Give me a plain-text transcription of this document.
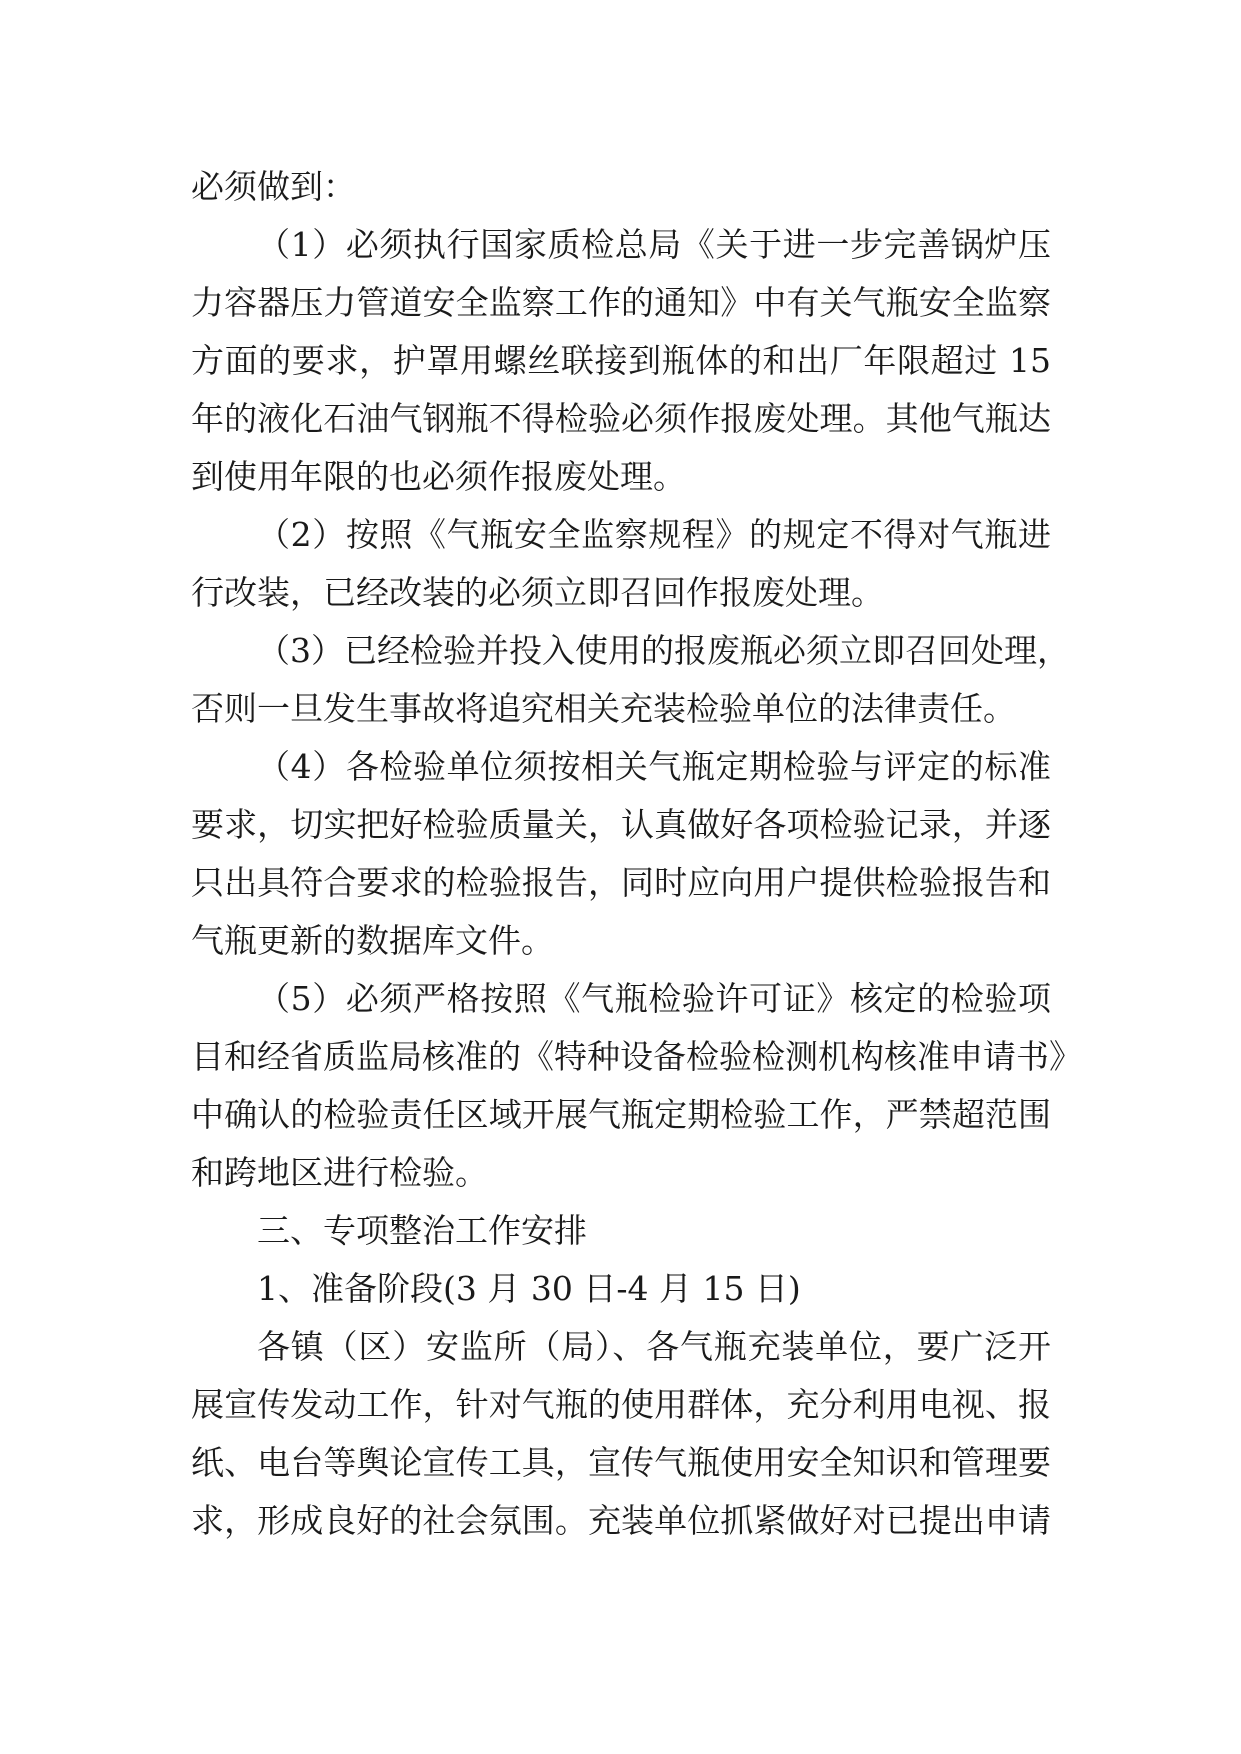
必须做到：
（1）必须执行国家质检总局《关于进一步完善锅炉压
力容器压力管道安全监察工作的通知》中有关气瓶安全监察
方面的要求，护罩用螺丝联接到瓶体的和出厂年限超过 15
年的液化石油气钢瓶不得检验必须作报废处理。其他气瓶达
到使用年限的也必须作报废处理。
（2）按照《气瓶安全监察规程》的规定不得对气瓶进
行改装，已经改装的必须立即召回作报废处理。
（3）已经检验并投入使用的报废瓶必须立即召回处理，
否则一旦发生事故将追究相关充装检验单位的法律责任。
（4）各检验单位须按相关气瓶定期检验与评定的标准
要求，切实把好检验质量关，认真做好各项检验记录，并逐
只出具符合要求的检验报告，同时应向用户提供检验报告和
气瓶更新的数据库文件。
（5）必须严格按照《气瓶检验许可证》核定的检验项
目和经省质监局核准的《特种设备检验检测机构核准申请书》
中确认的检验责任区域开展气瓶定期检验工作，严禁超范围
和跨地区进行检验。
三、专项整治工作安排
1、准备阶段(3 月 30 日-4 月 15 日)
各镇（区）安监所（局）、各气瓶充装单位，要广泛开
展宣传发动工作，针对气瓶的使用群体，充分利用电视、报
纸、电台等舆论宣传工具，宣传气瓶使用安全知识和管理要
求，形成良好的社会氛围。充装单位抓紧做好对已提出申请
